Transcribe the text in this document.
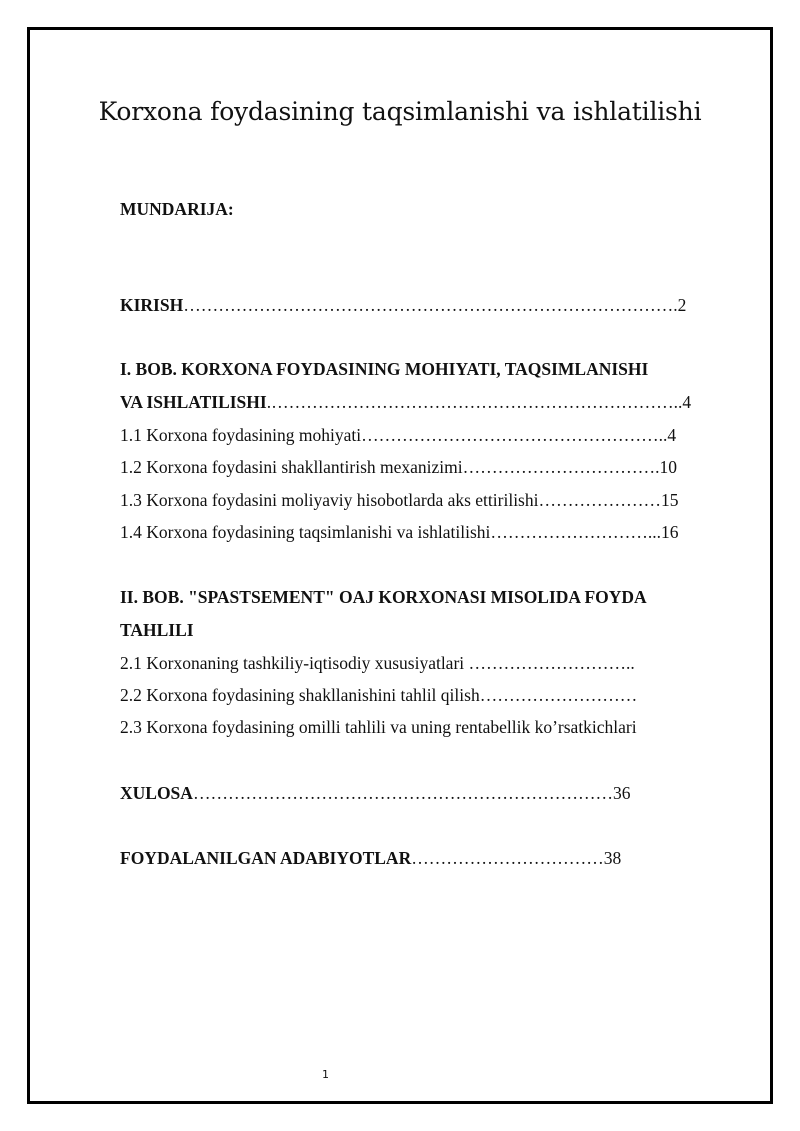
Korxona foydasining taqsimlanishi va ishlatilishi
MUNDARIJA:
KIRISH………………………………………………………………………….2
I. BOB. KORXONA FOYDASINING MOHIYATI, TAQSIMLANISHI
VA ISHLATILISHI.……………………………………………………………..4
1.1 Korxona foydasining mohiyati……………………………………………..4
1.2 Korxona foydasini shakllantirish mexanizimi…………………………….10
1.3 Korxona foydasini moliyaviy hisobotlarda aks ettirilishi…………………15
1.4 Korxona foydasining taqsimlanishi va ishlatilishi………………………...16
II. BOB. "SPASTSEMENT" OAJ KORXONASI MISOLIDA FOYDA
TAHLILI
2.1 Korxonaning tashkiliy-iqtisodiy xususiyatlari ………………………..
2.2 Korxona foydasining shakllanishini tahlil qilish………………………
2.3 Korxona foydasining omilli tahlili va uning rentabellik ko’rsatkichlari
XULOSA………………………………………………………………36
FOYDALANILGAN ADABIYOTLAR……………………………38
1
